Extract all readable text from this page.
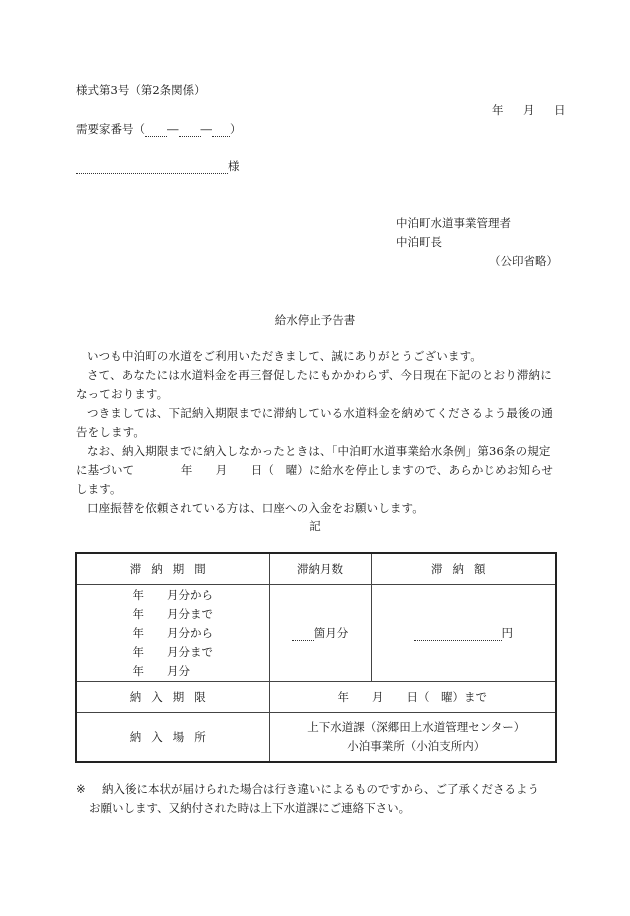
様式第3号（第2条関係）
年　月　日
需要家番号（ ― ― ）
様
中泊町水道事業管理者
中泊町長
（公印省略）
給水停止予告書

いつも中泊町の水道をご利用いただきまして、誠にありがとうございます。

さて、あなたには水道料金を再三督促したにもかかわらず、今日現在下記のとおり滞納になっております。

つきましては、下記納入期限までに滞納している水道料金を納めてくださるよう最後の通告をします。

なお、納入期限までに納入しなかったときは、「中泊町水道事業給水条例」第36条の規定に基づいて　　　　年　　月　　日（　曜）に給水を停止しますので、あらかじめお知らせします。

口座振替を依頼されている方は、口座への入金をお願いします。

記
滞納期間	滞納月数	滞納額

年　　月分から
年　　月分まで
年　　月分から
年　　月分まで
年　　月分	箇月分	円
納入期限	年　　月　　日（　曜）まで	
納入場所	上下水道課（深郷田上水道管理センター）
小泊事業所（小泊支所内）	
※ 納入後に本状が届けられた場合は行き違いによるものですから、ご了承くださるよう
お願いします、又納付された時は上下水道課にご連絡下さい。
